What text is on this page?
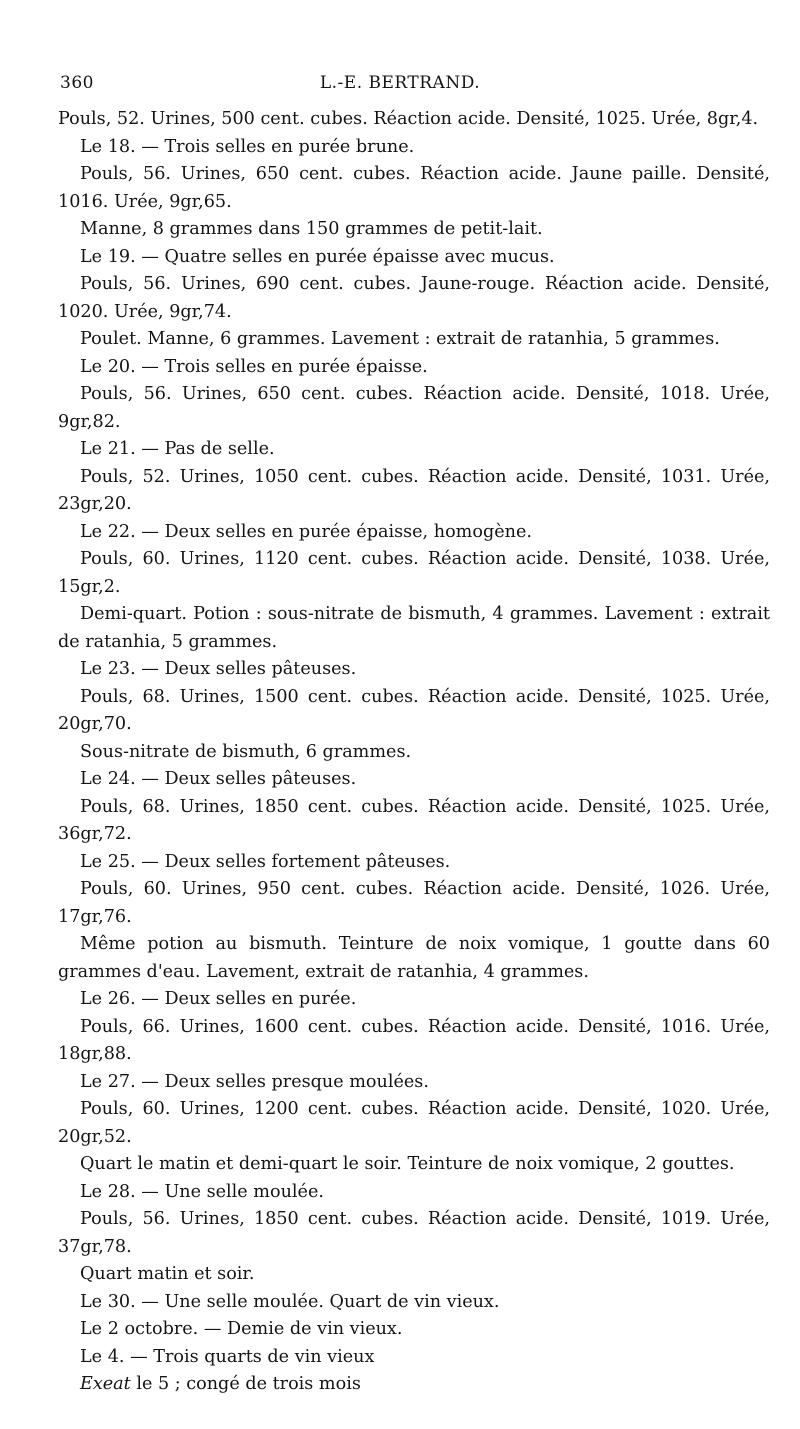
360	L.-E. BERTRAND.

Pouls, 52. Urines, 500 cent. cubes. Réaction acide. Densité, 1025. Urée, 8gr,4.

Le 18. — Trois selles en purée brune.

Pouls, 56. Urines, 650 cent. cubes. Réaction acide. Jaune paille. Densité, 1016. Urée, 9gr,65.

Manne, 8 grammes dans 150 grammes de petit-lait.

Le 19. — Quatre selles en purée épaisse avec mucus.

Pouls, 56. Urines, 690 cent. cubes. Jaune-rouge. Réaction acide. Densité, 1020. Urée, 9gr,74.

Poulet. Manne, 6 grammes. Lavement : extrait de ratanhia, 5 grammes.

Le 20. — Trois selles en purée épaisse.

Pouls, 56. Urines, 650 cent. cubes. Réaction acide. Densité, 1018. Urée, 9gr,82.

Le 21. — Pas de selle.

Pouls, 52. Urines, 1050 cent. cubes. Réaction acide. Densité, 1031. Urée, 23gr,20.

Le 22. — Deux selles en purée épaisse, homogène.

Pouls, 60. Urines, 1120 cent. cubes. Réaction acide. Densité, 1038. Urée, 15gr,2.

Demi-quart. Potion : sous-nitrate de bismuth, 4 grammes. Lavement : extrait de ratanhia, 5 grammes.

Le 23. — Deux selles pâteuses.

Pouls, 68. Urines, 1500 cent. cubes. Réaction acide. Densité, 1025. Urée, 20gr,70.

Sous-nitrate de bismuth, 6 grammes.

Le 24. — Deux selles pâteuses.

Pouls, 68. Urines, 1850 cent. cubes. Réaction acide. Densité, 1025. Urée, 36gr,72.

Le 25. — Deux selles fortement pâteuses.

Pouls, 60. Urines, 950 cent. cubes. Réaction acide. Densité, 1026. Urée, 17gr,76.

Même potion au bismuth. Teinture de noix vomique, 1 goutte dans 60 grammes d'eau. Lavement, extrait de ratanhia, 4 grammes.

Le 26. — Deux selles en purée.

Pouls, 66. Urines, 1600 cent. cubes. Réaction acide. Densité, 1016. Urée, 18gr,88.

Le 27. — Deux selles presque moulées.

Pouls, 60. Urines, 1200 cent. cubes. Réaction acide. Densité, 1020. Urée, 20gr,52.

Quart le matin et demi-quart le soir. Teinture de noix vomique, 2 gouttes.

Le 28. — Une selle moulée.

Pouls, 56. Urines, 1850 cent. cubes. Réaction acide. Densité, 1019. Urée, 37gr,78.

Quart matin et soir.

Le 30. — Une selle moulée. Quart de vin vieux.

Le 2 octobre. — Demie de vin vieux.

Le 4. — Trois quarts de vin vieux

Exeat le 5 ; congé de trois mois
